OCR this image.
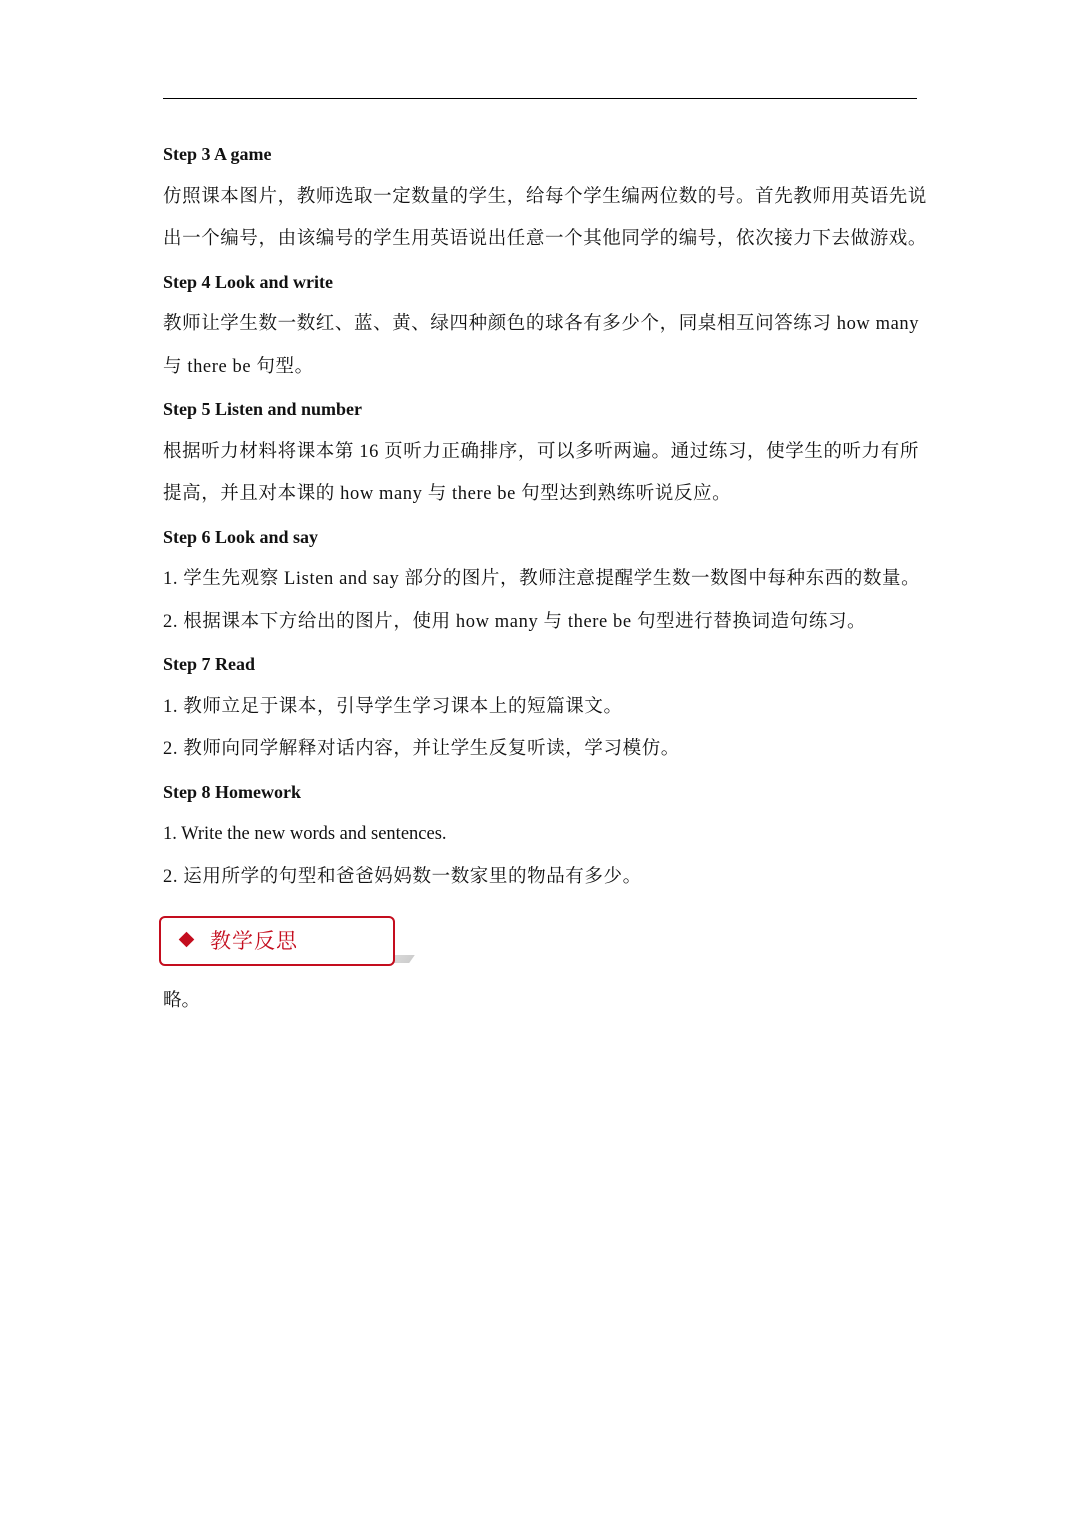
Step 3 A game
仿照课本图片，教师选取一定数量的学生，给每个学生编两位数的号。首先教师用英语先说
出一个编号，由该编号的学生用英语说出任意一个其他同学的编号，依次接力下去做游戏。
Step 4 Look and write
教师让学生数一数红、蓝、黄、绿四种颜色的球各有多少个，同桌相互问答练习 how many
与 there be 句型。
Step 5 Listen and number
根据听力材料将课本第 16 页听力正确排序，可以多听两遍。通过练习，使学生的听力有所
提高，并且对本课的 how many 与 there be 句型达到熟练听说反应。
Step 6 Look and say
1. 学生先观察 Listen and say 部分的图片，教师注意提醒学生数一数图中每种东西的数量。
2. 根据课本下方给出的图片，使用 how many 与 there be 句型进行替换词造句练习。
Step 7 Read
1. 教师立足于课本，引导学生学习课本上的短篇课文。
2. 教师向同学解释对话内容，并让学生反复听读，学习模仿。
Step 8 Homework
1. Write the new words and sentences.
2. 运用所学的句型和爸爸妈妈数一数家里的物品有多少。
教学反思
略。
